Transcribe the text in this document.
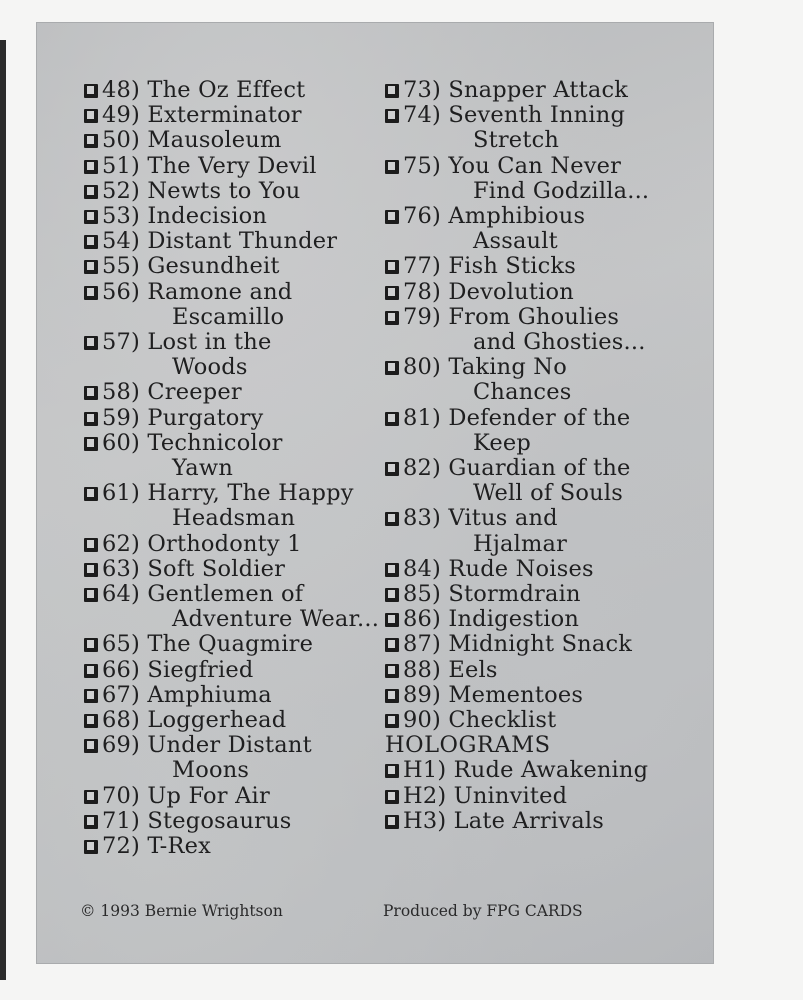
48) The Oz Effect
49) Exterminator
50) Mausoleum
51) The Very Devil
52) Newts to You
53) Indecision
54) Distant Thunder
55) Gesundheit
56) Ramone and
Escamillo
57) Lost in the
Woods
58) Creeper
59) Purgatory
60) Technicolor
Yawn
61) Harry, The Happy
Headsman
62) Orthodonty 1
63) Soft Soldier
64) Gentlemen of
Adventure Wear...
65) The Quagmire
66) Siegfried
67) Amphiuma
68) Loggerhead
69) Under Distant
Moons
70) Up For Air
71) Stegosaurus
72) T-Rex
73) Snapper Attack
74) Seventh Inning
Stretch
75) You Can Never
Find Godzilla...
76) Amphibious
Assault
77) Fish Sticks
78) Devolution
79) From Ghoulies
and Ghosties...
80) Taking No
Chances
81) Defender of the
Keep
82) Guardian of the
Well of Souls
83) Vitus and
Hjalmar
84) Rude Noises
85) Stormdrain
86) Indigestion
87) Midnight Snack
88) Eels
89) Mementoes
90) Checklist
HOLOGRAMS
H1) Rude Awakening
H2) Uninvited
H3) Late Arrivals
© 1993 Bernie Wrightson	Produced by FPG CARDS
